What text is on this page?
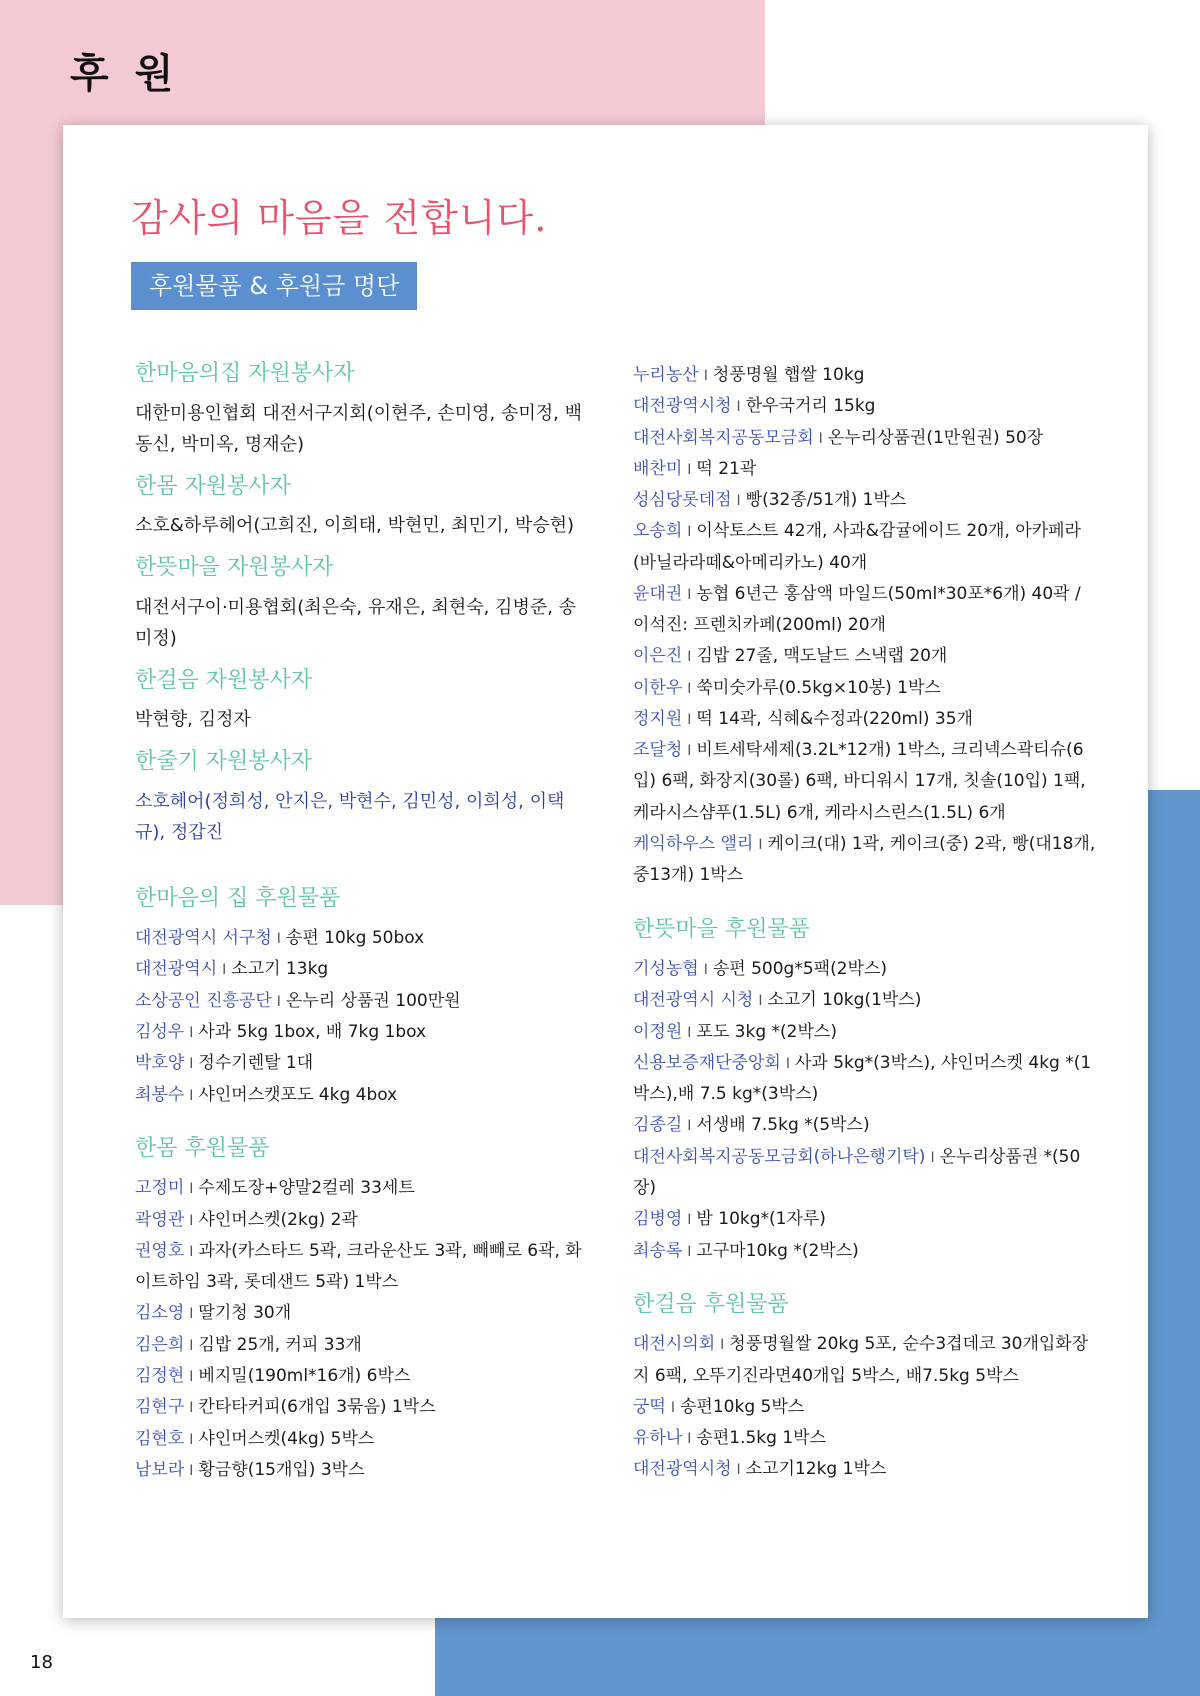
후 원
감사의 마음을 전합니다.
후원물품 & 후원금 명단
한마음의집 자원봉사자
대한미용인협회 대전서구지회(이현주, 손미영, 송미정, 백동신, 박미옥, 명재순)
한몸 자원봉사자
소호&하루헤어(고희진, 이희태, 박현민, 최민기, 박승현)
한뜻마을 자원봉사자
대전서구이·미용협회(최은숙, 유재은, 최현숙, 김병준, 송미정)
한걸음 자원봉사자
박현향, 김정자
한줄기 자원봉사자
소호헤어(정희성, 안지은, 박현수, 김민성, 이희성, 이택규), 정갑진
한마음의 집 후원물품
대전광역시 서구청 I 송편 10kg 50box
대전광역시 I 소고기 13kg
소상공인 진흥공단 I 온누리 상품권 100만원
김성우 I 사과 5kg 1box, 배 7kg 1box
박호양 I 정수기렌탈 1대
최봉수 I 샤인머스캣포도 4kg 4box
한몸 후원물품
고정미 I 수제도장+양말2컬레 33세트
곽영관 I 샤인머스켓(2kg) 2곽
권영호 I 과자(카스타드 5곽, 크라운산도 3곽, 빼빼로 6곽, 화이트하임 3곽, 롯데샌드 5곽) 1박스
김소영 I 딸기청 30개
김은희 I 김밥 25개, 커피 33개
김정현 I 베지밀(190ml*16개) 6박스
김현구 I 칸타타커피(6개입 3묶음) 1박스
김현호 I 샤인머스켓(4kg) 5박스
남보라 I 황금향(15개입) 3박스
누리농산 I 청풍명월 햅쌀 10kg
대전광역시청 I 한우국거리 15kg
대전사회복지공동모금회 I 온누리상품권(1만원권) 50장
배찬미 I 떡 21곽
성심당롯데점 I 빵(32종/51개) 1박스
오송희 I 이삭토스트 42개, 사과&감귤에이드 20개, 아카페라(바닐라라떼&아메리카노) 40개
윤대권 I 농협 6년근 홍삼액 마일드(50ml*30포*6개) 40곽 / 이석진: 프렌치카페(200ml) 20개
이은진 I 김밥 27줄, 맥도날드 스낵랩 20개
이한우 I 쑥미숫가루(0.5kg×10봉) 1박스
정지원 I 떡 14곽, 식혜&수정과(220ml) 35개
조달청 I 비트세탁세제(3.2L*12개) 1박스, 크리넥스곽티슈(6입) 6팩, 화장지(30롤) 6팩, 바디워시 17개, 칫솔(10입) 1팩, 케라시스샴푸(1.5L) 6개, 케라시스린스(1.5L) 6개
케익하우스 앨리 I 케이크(대) 1곽, 케이크(중) 2곽, 빵(대18개, 중13개) 1박스
한뜻마을 후원물품
기성농협 I 송편 500g*5팩(2박스)
대전광역시 시청 I 소고기 10kg(1박스)
이정원 I 포도 3kg *(2박스)
신용보증재단중앙회 I 사과 5kg*(3박스), 샤인머스켓 4kg *(1박스),배 7.5 kg*(3박스)
김종길 I 서생배 7.5kg *(5박스)
대전사회복지공동모금회(하나은행기탁) I 온누리상품권 *(50장)
김병영 I 밤 10kg*(1자루)
최송록 I 고구마10kg *(2박스)
한걸음 후원물품
대전시의회 I 청풍명월쌀 20kg 5포, 순수3겹데코 30개입화장지 6팩, 오뚜기진라면40개입 5박스, 배7.5kg 5박스
궁떡 I 송편10kg 5박스
유하나 I 송편1.5kg 1박스
대전광역시청 I 소고기12kg 1박스
18
